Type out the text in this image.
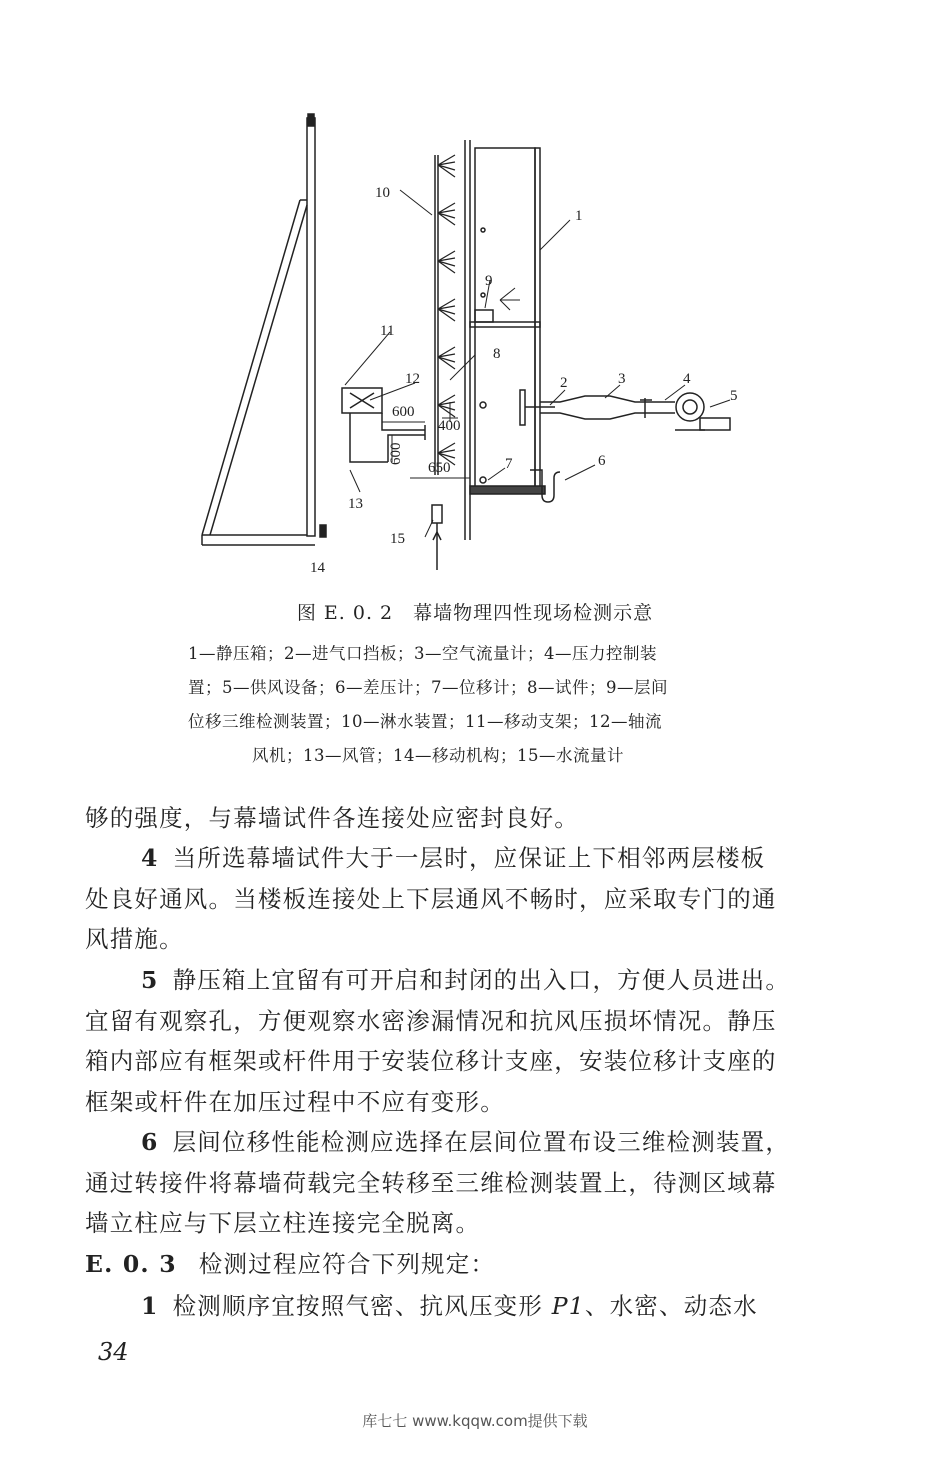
10
1
9
8
11
12
600
400
600
650
2	3	4
5
6
7
13
14
15
图 E. 0. 2　幕墙物理四性现场检测示意
1—静压箱；2—进气口挡板；3—空气流量计；4—压力控制装
置；5—供风设备；6—差压计；7—位移计；8—试件；9—层间
位移三维检测装置；10—淋水装置；11—移动支架；12—轴流
风机；13—风管；14—移动机构；15—水流量计
够的强度，与幕墙试件各连接处应密封良好。
4 当所选幕墙试件大于一层时，应保证上下相邻两层楼板
处良好通风。当楼板连接处上下层通风不畅时，应采取专门的通
风措施。
5 静压箱上宜留有可开启和封闭的出入口，方便人员进出。
宜留有观察孔，方便观察水密渗漏情况和抗风压损坏情况。静压
箱内部应有框架或杆件用于安装位移计支座，安装位移计支座的
框架或杆件在加压过程中不应有变形。
6 层间位移性能检测应选择在层间位置布设三维检测装置，
通过转接件将幕墙荷载完全转移至三维检测装置上，待测区域幕
墙立柱应与下层立柱连接完全脱离。
E. 0. 3 检测过程应符合下列规定：
1 检测顺序宜按照气密、抗风压变形 P1、水密、动态水
34
库七七 www.kqqw.com提供下载
